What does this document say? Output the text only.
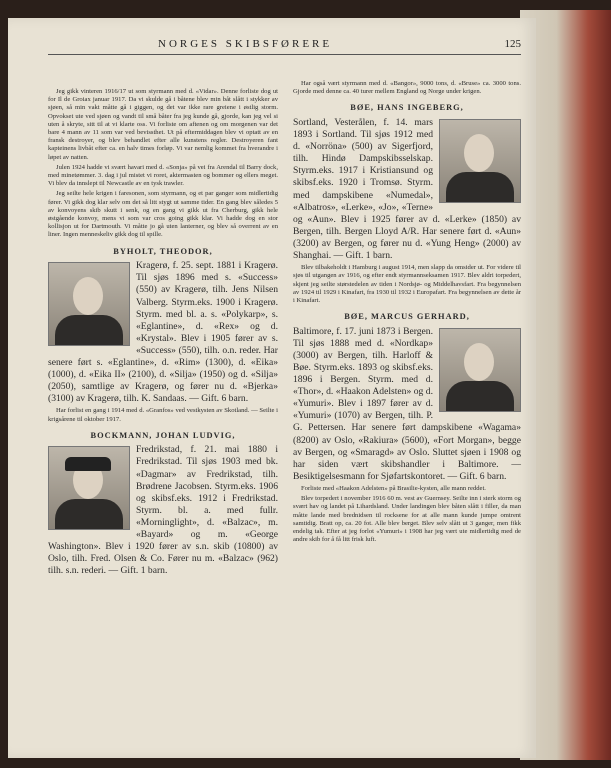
NORGES SKIBSFØRERE	125

Jeg gikk vinteren 1916/17 ut som styrmann med d. «Vidar». Denne forliste dog ut for Il de Groiax januar 1917. Da vi skulde gå i båtene blev min båt slått i stykker av sjøen, så min vakt måtte gå i giggen, og det var ikke rare greiene i østlig storm. Opvokset ute ved sjøen og vandt til små båter fra jeg kunde gå, gjorde, kan jeg vel si uten å skryte, sitt til at vi klarte oss. Vi forliste om aftenen og om morgenen var det bare 4 mann av 11 som var ved bevissthet. Ut på eftermiddagen blev vi optatt av en fransk destroyer, og blev behandlet efter alle kunstens regler. Destroyeren fant kapteinens livbåt efter ca. en halv times forløp. Vi var nemlig kommet fra hverandre i løpet av natten.

Julen 1924 hadde vi svært havari med d. «Sonja» på vei fra Arendal til Barry dock, med minetømmer. 3. dag i jul mistet vi roret, aktermasten og bommer og ellers meget. Vi blev da innslept til Newcastle av en tysk trawler.

Jeg seilte hele krigen i faresonen, som styrmann, og et par ganger som midlertidig fører. Vi gikk dog klar selv om det så litt stygt ut samme tider. En gang blev således 5 av konvoyens skib skutt i senk, og en gang vi gikk ut fra Cherburg, gikk hele østgående konvoy, mens vi som var cros going gikk klar. Vi hadde dog en stor kollisjon ut for Dartmouth. Vi måtte jo gå uten lanterner, og blev så overrent av en liner. Ingen menneskeliv gikk dog til spille.

BYHOLT, THEODOR,
Kragerø, f. 25. sept. 1881 i Kragerø. Til sjøs 1896 med s. «Success» (550) av Kragerø, tilh. Jens Nilsen Valberg. Styrm.eks. 1900 i Kragerø. Styrm. med bl. a. s. «Polykarp», s. «Eglantine», d. «Rex» og d. «Krystal». Blev i 1905 fører av s. «Success» (550), tilh. o.n. reder. Har senere ført s. «Eglantine», d. «Rim» (1300), d. «Eika» (1000), d. «Eika II» (2100), d. «Silja» (1950) og d. «Silja» (2050), samtlige av Kragerø, og fører nu d. «Bjerka» (3100) av Kragerø, tilh. K. Sandaas. — Gift. 6 barn.

Har forlist en gang i 1914 med d. «Granfos» ved vestkysten av Skotland. — Seilte i krigsårene til oktober 1917.

BOCKMANN, JOHAN LUDVIG,
Fredrikstad, f. 21. mai 1880 i Fredrikstad. Til sjøs 1903 med bk. «Dagmar» av Fredrikstad, tilh. Brødrene Jacobsen. Styrm.eks. 1906 og skibsf.eks. 1912 i Fredrikstad. Styrm. bl. a. med fullr. «Morninglight», d. «Balzac», m. «Bayard» og m. «George Washington». Blev i 1920 fører av s.n. skib (10800) av Oslo, tilh. Fred. Olsen & Co. Fører nu m. «Balzac» (962) tilh. s.n. rederi. — Gift. 1 barn.

Har også vært styrmann med d. «Bangor», 9000 tons, d. «Bruse» ca. 3000 tons. Gjorde med denne ca. 40 turer mellem England og Norge under krigen.

BØE, HANS INGEBERG,
Sortland, Vesterålen, f. 14. mars 1893 i Sortland. Til sjøs 1912 med d. «Norröna» (500) av Sigerfjord, tilh. Hindø Dampskibsselskap. Styrm.eks. 1917 i Kristiansund og skibsf.eks. 1920 i Tromsø. Styrm. med dampskibene «Numedal», «Albatros», «Lerke», «Jo», «Terne» og «Aun». Blev i 1925 fører av d. «Lerke» (1850) av Bergen, tilh. Bergen Lloyd A/R. Har senere ført d. «Aun» (3200) av Bergen, og fører nu d. «Yung Heng» (2000) av Shanghai. — Gift. 1 barn.

Blev tilbakeholdt i Hamburg i august 1914, men slapp da omsider ut. For videre til sjøs til utgangen av 1916, og efter endt styrmannseksamen 1917. Blev aldri torpedert, skjent jeg seilte størstedelen av tiden i Nordsjø- og Middelhavsfart. Fra begynnelsen av 1924 til 1929 i Kinafart, fra 1930 til 1932 i Europafart. Fra begynnelsen av dette år i Kinafart.

BØE, MARCUS GERHARD,
Baltimore, f. 17. juni 1873 i Bergen. Til sjøs 1888 med d. «Nordkap» (3000) av Bergen, tilh. Harloff & Bøe. Styrm.eks. 1893 og skibsf.eks. 1896 i Bergen. Styrm. med d. «Thor», d. «Haakon Adelsten» og d. «Yumuri». Blev i 1897 fører av d. «Yumuri» (1070) av Bergen, tilh. P. G. Pettersen. Har senere ført dampskibene «Wagama» (8200) av Oslo, «Rakiura» (5600), «Fort Morgan», begge av Bergen, og «Smaragd» av Oslo. Sluttet sjøen i 1908 og har siden vært skibshandler i Baltimore. — Besiktigelsesmann for Sjøfartskontoret. — Gift. 6 barn.

Forliste med «Haakon Adelsten» på Brasilie-kysten, alle mann reddet.

Blev torpedert i november 1916 60 m. vest av Guernsey. Seilte inn i sterk storm og svært hav og landet på Lihardsland. Under landingen blev båten slått i filler, da man måtte lande med brednidsen til rocksene for at alle mann kunde jumpe omtrent samtidig. Bratt op, ca. 20 fot. Alle blev berget. Blev selv slått ut 3 ganger, men fikk endelig tak. Efter at jeg forlot «Yumuri» i 1908 har jeg vært ute midlertidig med de andre skib for å få litt frisk luft.
